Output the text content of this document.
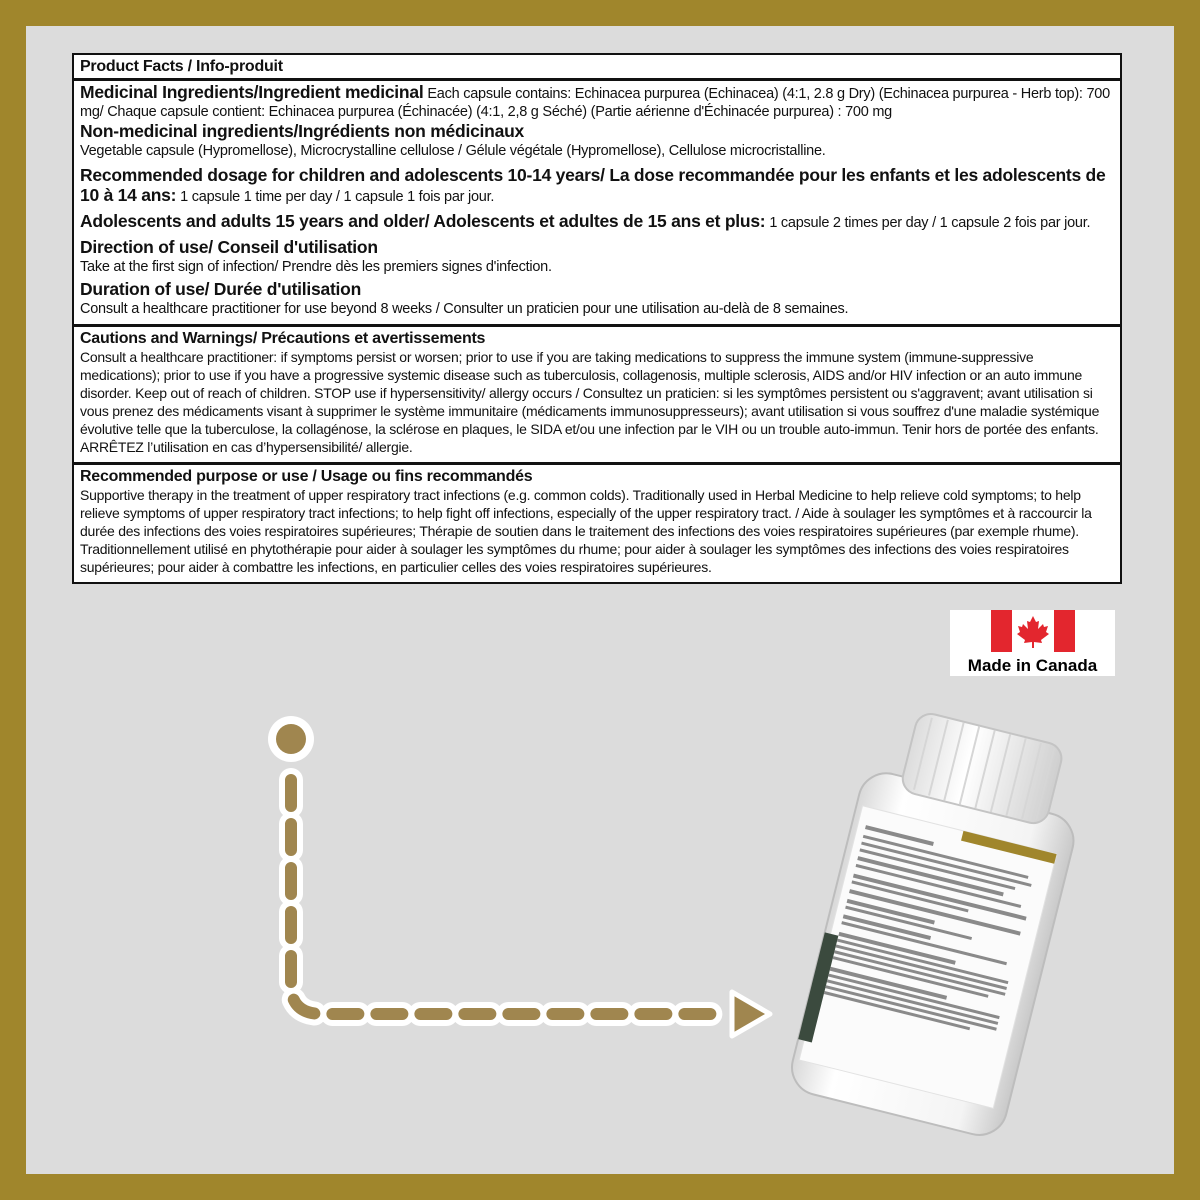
Product Facts / Info-produit

Medicinal Ingredients/Ingredient medicinal Each capsule contains: Echinacea purpurea (Echinacea) (4:1, 2.8 g Dry) (Echinacea purpurea - Herb top): 700 mg/ Chaque capsule contient: Echinacea purpurea (Échinacée) (4:1, 2,8 g Séché) (Partie aérienne d'Échinacée purpurea) : 700 mg

Non-medicinal ingredients/Ingrédients non médicinaux
Vegetable capsule (Hypromellose), Microcrystalline cellulose / Gélule végétale (Hypromellose), Cellulose microcristalline.

Recommended dosage for children and adolescents 10-14 years/ La dose recommandée pour les enfants et les adolescents de 10 à 14 ans: 1 capsule 1 time per day / 1 capsule 1 fois par jour.

Adolescents and adults 15 years and older/ Adolescents et adultes de 15 ans et plus: 1 capsule 2 times per day / 1 capsule 2 fois par jour.

Direction of use/ Conseil d'utilisation
Take at the first sign of infection/ Prendre dès les premiers signes d'infection.

Duration of use/ Durée d'utilisation
Consult a healthcare practitioner for use beyond 8 weeks / Consulter un praticien pour une utilisation au-delà de 8 semaines.

Cautions and Warnings/ Précautions et avertissements
Consult a healthcare practitioner: if symptoms persist or worsen; prior to use if you are taking medications to suppress the immune system (immune-suppressive medications); prior to use if you have a progressive systemic disease such as tuberculosis, collagenosis, multiple sclerosis, AIDS and/or HIV infection or an auto immune disorder. Keep out of reach of children. STOP use if hypersensitivity/ allergy occurs / Consultez un praticien: si les symptômes persistent ou s'aggravent; avant utilisation si vous prenez des médicaments visant à supprimer le système immunitaire (médicaments immunosuppresseurs); avant utilisation si vous souffrez d'une maladie systémique évolutive telle que la tuberculose, la collagénose, la sclérose en plaques, le SIDA et/ou une infection par le VIH ou un trouble auto-immun. Tenir hors de portée des enfants. ARRÊTEZ l’utilisation en cas d’hypersensibilité/ allergie.

Recommended purpose or use / Usage ou fins recommandés
Supportive therapy in the treatment of upper respiratory tract infections (e.g. common colds). Traditionally used in Herbal Medicine to help relieve cold symptoms; to help relieve symptoms of upper respiratory tract infections; to help fight off infections, especially of the upper respiratory tract. / Aide à soulager les symptômes et à raccourcir la durée des infections des voies respiratoires supérieures; Thérapie de soutien dans le traitement des infections des voies respiratoires supérieures (par exemple rhume). Traditionnellement utilisé en phytothérapie pour aider à soulager les symptômes du rhume; pour aider à soulager les symptômes des infections des voies respiratoires supérieures; pour aider à combattre les infections, en particulier celles des voies respiratoires supérieures.

Made in Canada
